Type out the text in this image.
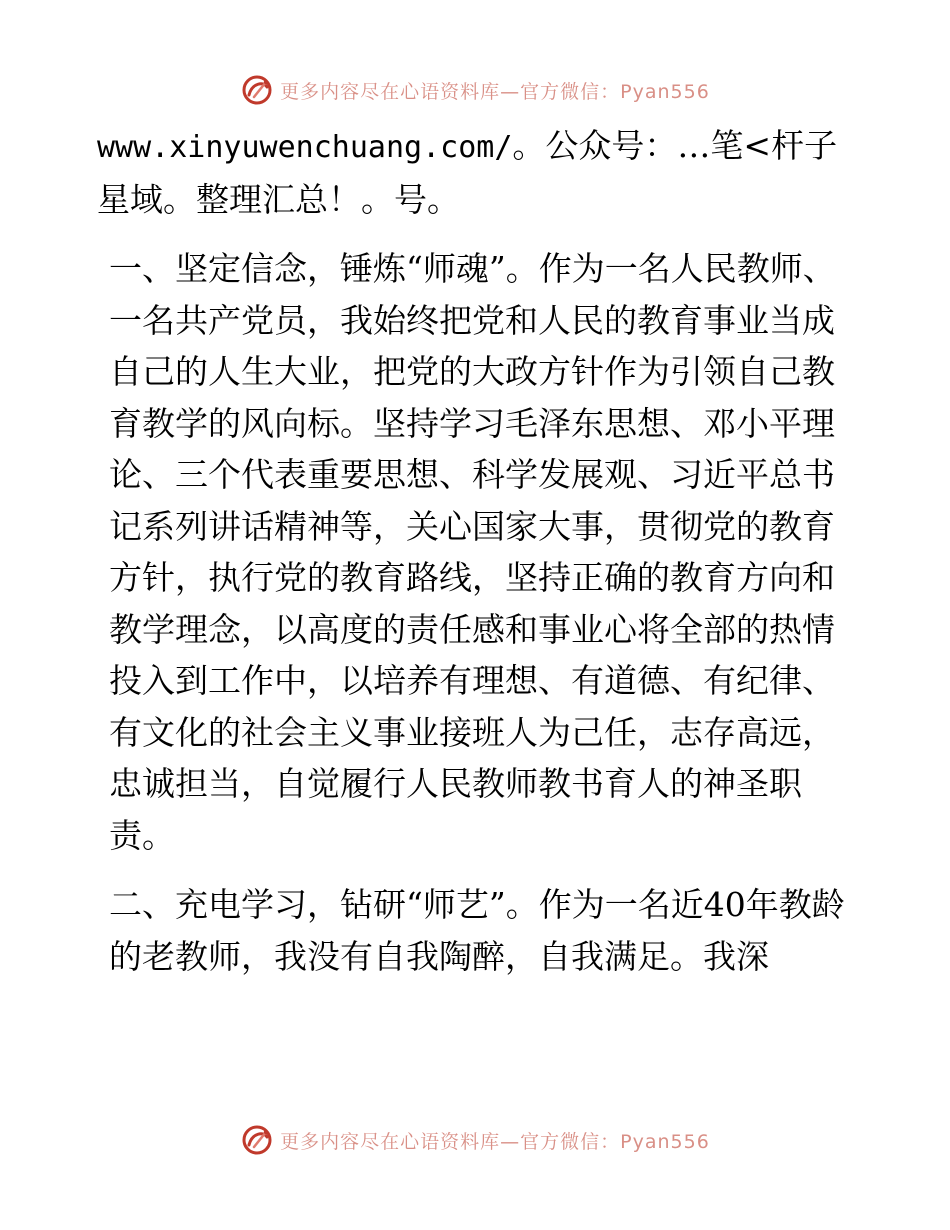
更多内容尽在心语资料库—官方微信：Pyan556

www.xinyuwenchuang.com/。公众号：…笔<杆子星域。整理汇总！。号。

一、坚定信念，锤炼“师魂”。作为一名人民教师、一名共产党员，我始终把党和人民的教育事业当成自己的人生大业，把党的大政方针作为引领自己教育教学的风向标。坚持学习毛泽东思想、邓小平理论、三个代表重要思想、科学发展观、习近平总书记系列讲话精神等，关心国家大事，贯彻党的教育方针，执行党的教育路线，坚持正确的教育方向和教学理念，以高度的责任感和事业心将全部的热情投入到工作中，以培养有理想、有道德、有纪律、有文化的社会主义事业接班人为己任，志存高远，忠诚担当，自觉履行人民教师教书育人的神圣职责。

二、充电学习，钻研“师艺”。作为一名近40年教龄的老教师，我没有自我陶醉，自我满足。我深

更多内容尽在心语资料库—官方微信：Pyan556
